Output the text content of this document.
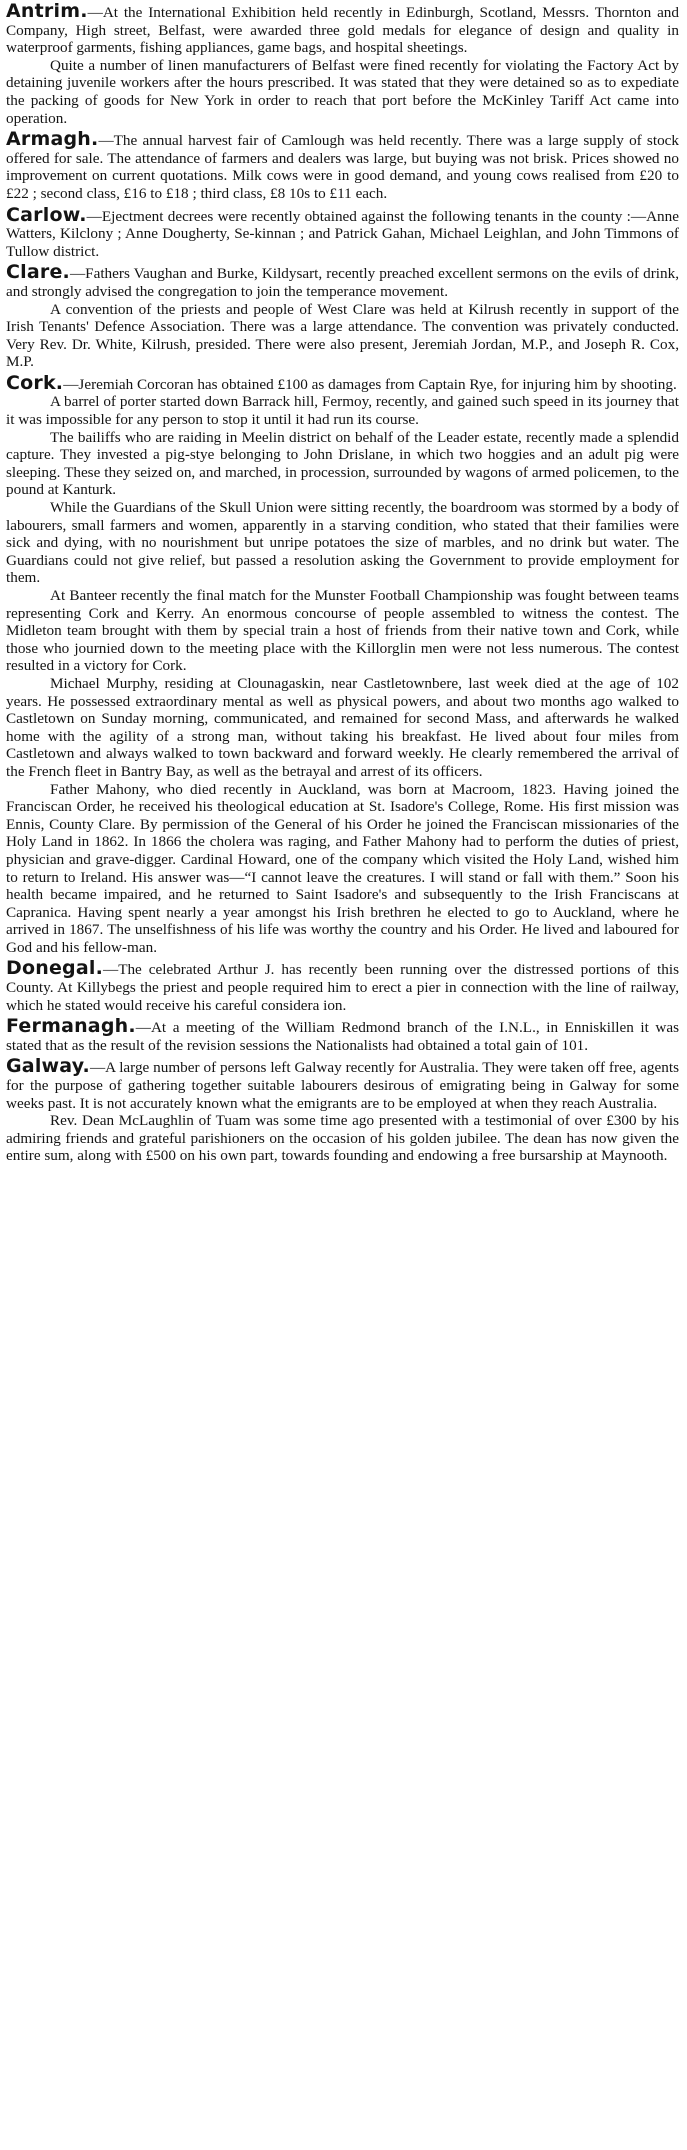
Antrim.—At the International Exhibition held recently in Edinburgh, Scotland, Messrs. Thornton and Company, High street, Belfast, were awarded three gold medals for elegance of design and quality in waterproof garments, fishing appliances, game bags, and hospital sheetings.

Quite a number of linen manufacturers of Belfast were fined recently for violating the Factory Act by detaining juvenile workers after the hours prescribed. It was stated that they were detained so as to expediate the packing of goods for New York in order to reach that port before the McKinley Tariff Act came into operation.

Armagh.—The annual harvest fair of Camlough was held recently. There was a large supply of stock offered for sale. The attendance of farmers and dealers was large, but buying was not brisk. Prices showed no improvement on current quotations. Milk cows were in good demand, and young cows realised from £20 to £22 ; second class, £16 to £18 ; third class, £8 10s to £11 each.

Carlow.—Ejectment decrees were recently obtained against the following tenants in the county :—Anne Watters, Kilclony ; Anne Dougherty, Se-kinnan ; and Patrick Gahan, Michael Leighlan, and John Timmons of Tullow district.

Clare.—Fathers Vaughan and Burke, Kildysart, recently preached excellent sermons on the evils of drink, and strongly advised the congregation to join the temperance movement.

A convention of the priests and people of West Clare was held at Kilrush recently in support of the Irish Tenants' Defence Association. There was a large attendance. The convention was privately conducted. Very Rev. Dr. White, Kilrush, presided. There were also present, Jeremiah Jordan, M.P., and Joseph R. Cox, M.P.

Cork.—Jeremiah Corcoran has obtained £100 as damages from Captain Rye, for injuring him by shooting.

A barrel of porter started down Barrack hill, Fermoy, recently, and gained such speed in its journey that it was impossible for any person to stop it until it had run its course.

The bailiffs who are raiding in Meelin district on behalf of the Leader estate, recently made a splendid capture. They invested a pig-stye belonging to John Drislane, in which two hoggies and an adult pig were sleeping. These they seized on, and marched, in procession, surrounded by wagons of armed policemen, to the pound at Kanturk.

While the Guardians of the Skull Union were sitting recently, the boardroom was stormed by a body of labourers, small farmers and women, apparently in a starving condition, who stated that their families were sick and dying, with no nourishment but unripe potatoes the size of marbles, and no drink but water. The Guardians could not give relief, but passed a resolution asking the Government to provide employment for them.

At Banteer recently the final match for the Munster Football Championship was fought between teams representing Cork and Kerry. An enormous concourse of people assembled to witness the contest. The Midleton team brought with them by special train a host of friends from their native town and Cork, while those who journied down to the meeting place with the Killorglin men were not less numerous. The contest resulted in a victory for Cork.

Michael Murphy, residing at Clounagaskin, near Castletownbere, last week died at the age of 102 years. He possessed extraordinary mental as well as physical powers, and about two months ago walked to Castletown on Sunday morning, communicated, and remained for second Mass, and afterwards he walked home with the agility of a strong man, without taking his breakfast. He lived about four miles from Castletown and always walked to town backward and forward weekly. He clearly remembered the arrival of the French fleet in Bantry Bay, as well as the betrayal and arrest of its officers.

Father Mahony, who died recently in Auckland, was born at Macroom, 1823. Having joined the Franciscan Order, he received his theological education at St. Isadore's College, Rome. His first mission was Ennis, County Clare. By permission of the General of his Order he joined the Franciscan missionaries of the Holy Land in 1862. In 1866 the cholera was raging, and Father Mahony had to perform the duties of priest, physician and grave-digger. Cardinal Howard, one of the company which visited the Holy Land, wished him to return to Ireland. His answer was—“I cannot leave the creatures. I will stand or fall with them.” Soon his health became impaired, and he returned to Saint Isadore's and subsequently to the Irish Franciscans at Capranica. Having spent nearly a year amongst his Irish brethren he elected to go to Auckland, where he arrived in 1867. The unselfishness of his life was worthy the country and his Order. He lived and laboured for God and his fellow-man.

Donegal.—The celebrated Arthur J. has recently been running over the distressed portions of this County. At Killybegs the priest and people required him to erect a pier in connection with the line of railway, which he stated would receive his careful considera ion.

Fermanagh.—At a meeting of the William Redmond branch of the I.N.L., in Enniskillen it was stated that as the result of the revision sessions the Nationalists had obtained a total gain of 101.

Galway.—A large number of persons left Galway recently for Australia. They were taken off free, agents for the purpose of gathering together suitable labourers desirous of emigrating being in Galway for some weeks past. It is not accurately known what the emigrants are to be employed at when they reach Australia.

Rev. Dean McLaughlin of Tuam was some time ago presented with a testimonial of over £300 by his admiring friends and grateful parishioners on the occasion of his golden jubilee. The dean has now given the entire sum, along with £500 on his own part, towards founding and endowing a free bursarship at Maynooth.
